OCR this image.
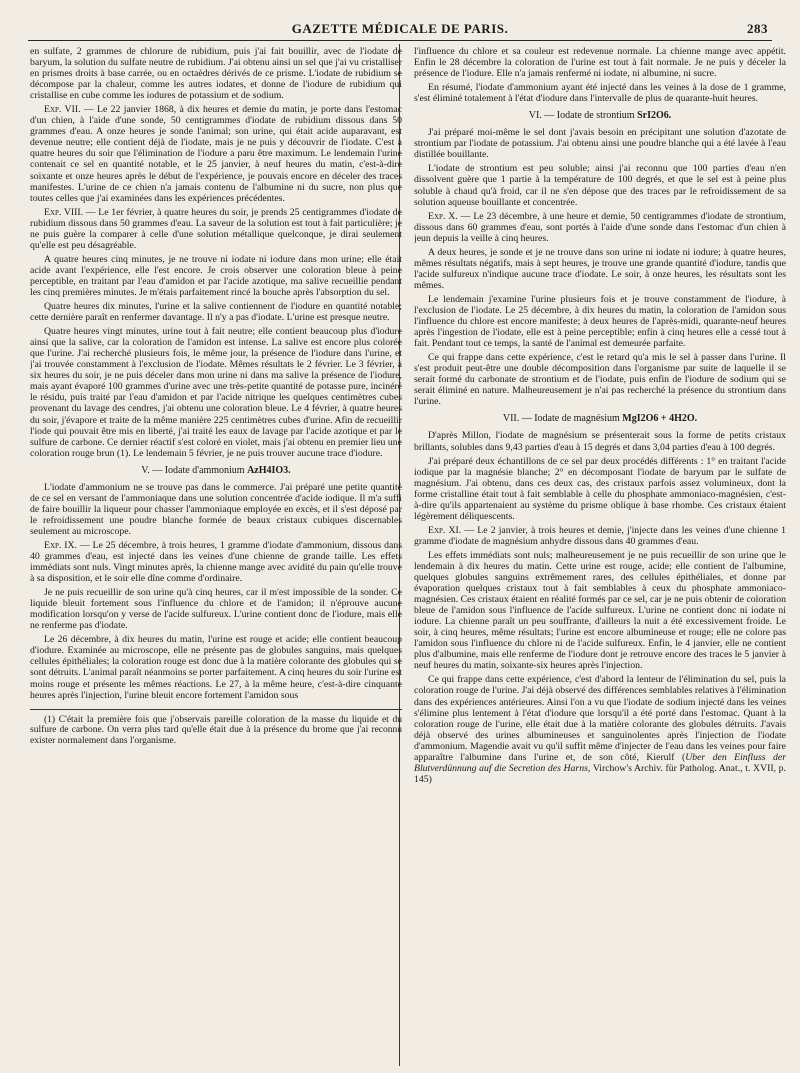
GAZETTE MÉDICALE DE PARIS.	283

en sulfate, 2 grammes de chlorure de rubidium, puis j'ai fait bouillir, avec de l'iodate de baryum, la solution du sulfate neutre de rubidium. J'ai obtenu ainsi un sel que j'ai vu cristalliser en prismes droits à base carrée, ou en octaèdres dérivés de ce prisme. L'iodate de rubidium se décompose par la chaleur, comme les autres iodates, et donne de l'iodure de rubidium qui cristallise en cube comme les iodures de potassium et de sodium.

Exp. VII. — Le 22 janvier 1868, à dix heures et demie du matin, je porte dans l'estomac d'un chien, à l'aide d'une sonde, 50 centigrammes d'iodate de rubidium dissous dans 50 grammes d'eau. A onze heures je sonde l'animal; son urine, qui était acide auparavant, est devenue neutre; elle contient déjà de l'iodate, mais je ne puis y découvrir de l'iodate. C'est à quatre heures du soir que l'élimination de l'iodure a paru être maximum. Le lendemain l'urine contenait ce sel en quantité notable, et le 25 janvier, à neuf heures du matin, c'est-à-dire soixante et onze heures après le début de l'expérience, je pouvais encore en déceler des traces manifestes. L'urine de ce chien n'a jamais contenu de l'albumine ni du sucre, non plus que toutes celles que j'ai examinées dans les expériences précédentes.

Exp. VIII. — Le 1er février, à quatre heures du soir, je prends 25 centigrammes d'iodate de rubidium dissous dans 50 grammes d'eau. La saveur de la solution est tout à fait particulière; je ne puis guère la comparer à celle d'une solution métallique quelconque, je dirai seulement qu'elle est peu désagréable.

A quatre heures cinq minutes, je ne trouve ni iodate ni iodure dans mon urine; elle était acide avant l'expérience, elle l'est encore. Je crois observer une coloration bleue à peine perceptible, en traitant par l'eau d'amidon et par l'acide azotique, ma salive recueillie pendant les cinq premières minutes. Je m'étais parfaitement rincé la bouche après l'absorption du sel.

Quatre heures dix minutes, l'urine et la salive contiennent de l'iodure en quantité notable; cette dernière paraît en renfermer davantage. Il n'y a pas d'iodate. L'urine est presque neutre.

Quatre heures vingt minutes, urine tout à fait neutre; elle contient beaucoup plus d'iodure ainsi que la salive, car la coloration de l'amidon est intense. La salive est encore plus colorée que l'urine. J'ai recherché plusieurs fois, le même jour, la présence de l'iodure dans l'urine, et j'ai trouvée constamment à l'exclusion de l'iodate. Mêmes résultats le 2 février. Le 3 février, à six heures du soir, je ne puis déceler dans mon urine ni dans ma salive la présence de l'iodure, mais ayant évaporé 100 grammes d'urine avec une très-petite quantité de potasse pure, incinéré le résidu, puis traité par l'eau d'amidon et par l'acide nitrique les quelques centimètres cubes provenant du lavage des cendres, j'ai obtenu une coloration bleue. Le 4 février, à quatre heures du soir, j'évapore et traite de la même manière 225 centimètres cubes d'urine. Afin de recueillir l'iode qui pouvait être mis en liberté, j'ai traité les eaux de lavage par l'acide azotique et par le sulfure de carbone. Ce dernier réactif s'est coloré en violet, mais j'ai obtenu en premier lieu une coloration rouge brun (1). Le lendemain 5 février, je ne puis trouver aucune trace d'iodure.

V. — Iodate d'ammonium AzH4IO3.

L'iodate d'ammonium ne se trouve pas dans le commerce. J'ai préparé une petite quantité de ce sel en versant de l'ammoniaque dans une solution concentrée d'acide iodique. Il m'a suffi de faire bouillir la liqueur pour chasser l'ammoniaque employée en excès, et il s'est déposé par le refroidissement une poudre blanche formée de beaux cristaux cubiques discernables seulement au microscope.

Exp. IX. — Le 25 décembre, à trois heures, 1 gramme d'iodate d'ammonium, dissous dans 40 grammes d'eau, est injecté dans les veines d'une chienne de grande taille. Les effets immédiats sont nuls. Vingt minutes après, la chienne mange avec avidité du pain qu'elle trouve à sa disposition, et le soir elle dîne comme d'ordinaire.

Je ne puis recueillir de son urine qu'à cinq heures, car il m'est impossible de la sonder. Ce liquide bleuit fortement sous l'influence du chlore et de l'amidon; il n'éprouve aucune modification lorsqu'on y verse de l'acide sulfureux. L'urine contient donc de l'iodure, mais elle ne renferme pas d'iodate.

Le 26 décembre, à dix heures du matin, l'urine est rouge et acide; elle contient beaucoup d'iodure. Examinée au microscope, elle ne présente pas de globules sanguins, mais quelques cellules épithéliales; la coloration rouge est donc due à la matière colorante des globules qui se sont détruits. L'animal paraît néanmoins se porter parfaitement. A cinq heures du soir l'urine est moins rouge et présente les mêmes réactions. Le 27, à la même heure, c'est-à-dire cinquante heures après l'injection, l'urine bleuit encore fortement l'amidon sous

(1) C'était la première fois que j'observais pareille coloration de la masse du liquide et du sulfure de carbone. On verra plus tard qu'elle était due à la présence du brome que j'ai reconnu exister normalement dans l'organisme.

l'influence du chlore et sa couleur est redevenue normale. La chienne mange avec appétit. Enfin le 28 décembre la coloration de l'urine est tout à fait normale. Je ne puis y déceler la présence de l'iodure. Elle n'a jamais renfermé ni iodate, ni albumine, ni sucre.

En résumé, l'iodate d'ammonium ayant été injecté dans les veines à la dose de 1 gramme, s'est éliminé totalement à l'état d'iodure dans l'intervalle de plus de quarante-huit heures.

VI. — Iodate de strontium SrI2O6.

J'ai préparé moi-même le sel dont j'avais besoin en précipitant une solution d'azotate de strontium par l'iodate de potassium. J'ai obtenu ainsi une poudre blanche qui a été lavée à l'eau distillée bouillante.

L'iodate de strontium est peu soluble; ainsi j'ai reconnu que 100 parties d'eau n'en dissolvent guère que 1 partie à la température de 100 degrés, et que le sel est à peine plus soluble à chaud qu'à froid, car il ne s'en dépose que des traces par le refroidissement de sa solution aqueuse bouillante et concentrée.

Exp. X. — Le 23 décembre, à une heure et demie, 50 centigrammes d'iodate de strontium, dissous dans 60 grammes d'eau, sont portés à l'aide d'une sonde dans l'estomac d'un chien à jeun depuis la veille à cinq heures.

A deux heures, je sonde et je ne trouve dans son urine ni iodate ni iodure; à quatre heures, mêmes résultats négatifs, mais à sept heures, je trouve une grande quantité d'iodure, tandis que l'acide sulfureux n'indique aucune trace d'iodate. Le soir, à onze heures, les résultats sont les mêmes.

Le lendemain j'examine l'urine plusieurs fois et je trouve constamment de l'iodure, à l'exclusion de l'iodate. Le 25 décembre, à dix heures du matin, la coloration de l'amidon sous l'influence du chlore est encore manifeste; à deux heures de l'après-midi, quarante-neuf heures après l'ingestion de l'iodate, elle est à peine perceptible; enfin à cinq heures elle a cessé tout à fait. Pendant tout ce temps, la santé de l'animal est demeurée parfaite.

Ce qui frappe dans cette expérience, c'est le retard qu'a mis le sel à passer dans l'urine. Il s'est produit peut-être une double décomposition dans l'organisme par suite de laquelle il se serait formé du carbonate de strontium et de l'iodate, puis enfin de l'iodure de sodium qui se serait éliminé en nature. Malheureusement je n'ai pas recherché la présence du strontium dans l'urine.

VII. — Iodate de magnésium MgI2O6 + 4H2O.

D'après Millon, l'iodate de magnésium se présenterait sous la forme de petits cristaux brillants, solubles dans 9,43 parties d'eau à 15 degrés et dans 3,04 parties d'eau à 100 degrés.

J'ai préparé deux échantillons de ce sel par deux procédés différents : 1° en traitant l'acide iodique par la magnésie blanche; 2° en décomposant l'iodate de baryum par le sulfate de magnésium. J'ai obtenu, dans ces deux cas, des cristaux parfois assez volumineux, dont la forme cristalline était tout à fait semblable à celle du phosphate ammoniaco-magnésien, c'est-à-dire qu'ils appartenaient au système du prisme oblique à base rhombe. Ces cristaux étaient légèrement déliquescents.

Exp. XI. — Le 2 janvier, à trois heures et demie, j'injecte dans les veines d'une chienne 1 gramme d'iodate de magnésium anhydre dissous dans 40 grammes d'eau.

Les effets immédiats sont nuls; malheureusement je ne puis recueillir de son urine que le lendemain à dix heures du matin. Cette urine est rouge, acide; elle contient de l'albumine, quelques globules sanguins extrêmement rares, des cellules épithéliales, et donne par évaporation quelques cristaux tout à fait semblables à ceux du phosphate ammoniaco-magnésien. Ces cristaux étaient en réalité formés par ce sel, car je ne puis obtenir de coloration bleue de l'amidon sous l'influence de l'acide sulfureux. L'urine ne contient donc ni iodate ni iodure. La chienne paraît un peu souffrante, d'ailleurs la nuit a été excessivement froide. Le soir, à cinq heures, même résultats; l'urine est encore albumineuse et rouge; elle ne colore pas l'amidon sous l'influence du chlore ni de l'acide sulfureux. Enfin, le 4 janvier, elle ne contient plus d'albumine, mais elle renferme de l'iodure dont je retrouve encore des traces le 5 janvier à neuf heures du matin, soixante-six heures après l'injection.

Ce qui frappe dans cette expérience, c'est d'abord la lenteur de l'élimination du sel, puis la coloration rouge de l'urine. J'ai déjà observé des différences semblables relatives à l'élimination dans des expériences antérieures. Ainsi l'on a vu que l'iodate de sodium injecté dans les veines s'élimine plus lentement à l'état d'iodure que lorsqu'il a été porté dans l'estomac. Quant à la coloration rouge de l'urine, elle était due à la matière colorante des globules détruits. J'avais déjà observé des urines albumineuses et sanguinolentes après l'injection de l'iodate d'ammonium. Magendie avait vu qu'il suffit même d'injecter de l'eau dans les veines pour faire apparaître l'albumine dans l'urine et, de son côté, Kierulf (Uber den Einfluss der Blutverdünnung auf die Secretion des Harns, Virchow's Archiv. für Patholog. Anat., t. XVII, p. 145)
